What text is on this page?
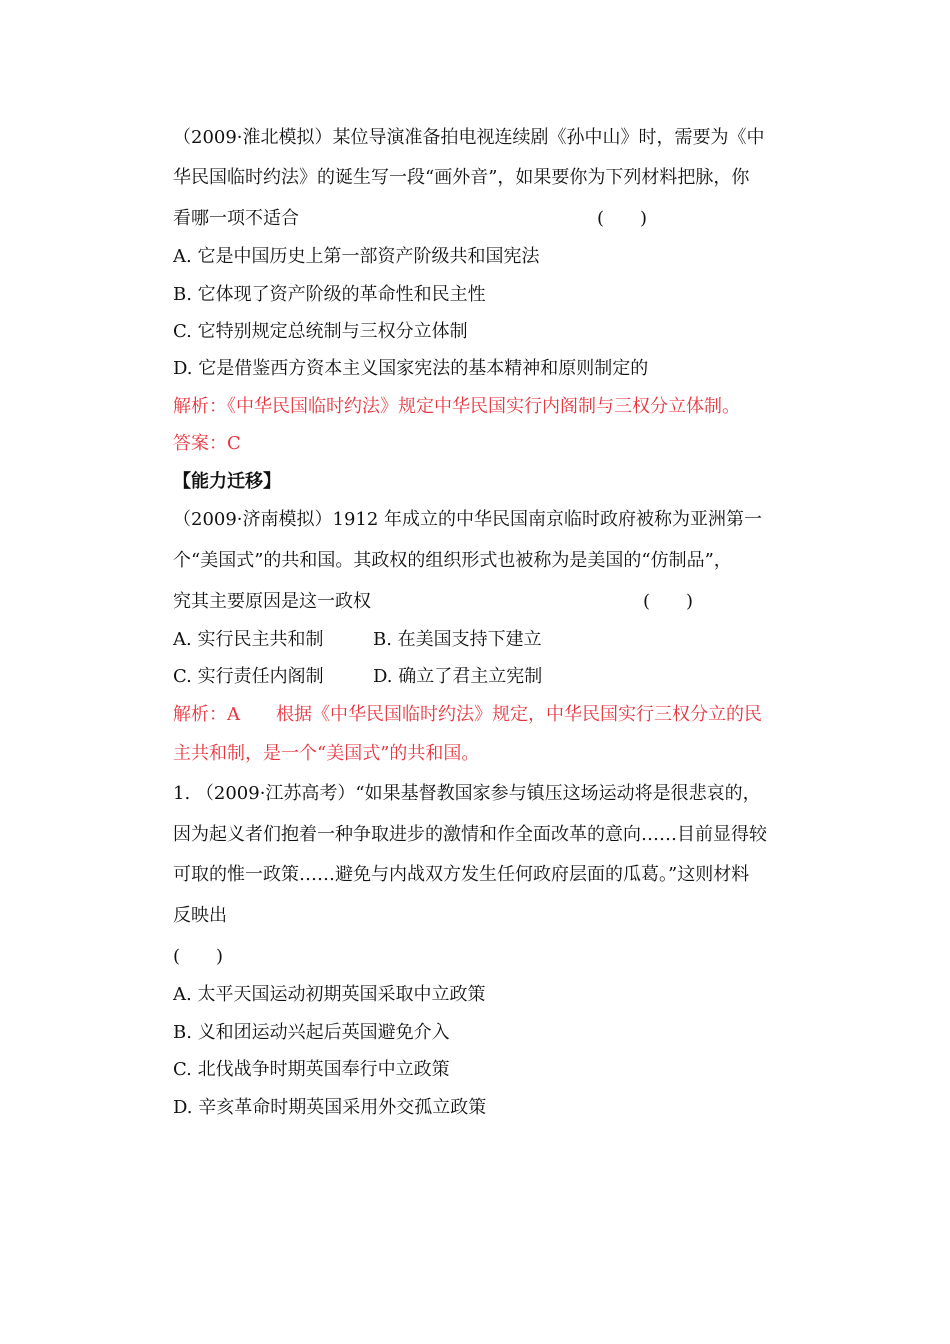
（2009·淮北模拟）某位导演准备拍电视连续剧《孙中山》时，需要为《中
华民国临时约法》的诞生写一段“画外音”，如果要你为下列材料把脉，你
看哪一项不适合	(　　)
A. 它是中国历史上第一部资产阶级共和国宪法
B. 它体现了资产阶级的革命性和民主性
C. 它特别规定总统制与三权分立体制
D. 它是借鉴西方资本主义国家宪法的基本精神和原则制定的
解析：《中华民国临时约法》规定中华民国实行内阁制与三权分立体制。
答案：C
【能力迁移】
（2009·济南模拟）1912 年成立的中华民国南京临时政府被称为亚洲第一
个“美国式”的共和国。其政权的组织形式也被称为是美国的“仿制品”，
究其主要原因是这一政权	(　　)
A. 实行民主共和制	B. 在美国支持下建立
C. 实行责任内阁制	D. 确立了君主立宪制
解析：A　　根据《中华民国临时约法》规定，中华民国实行三权分立的民
主共和制，是一个“美国式”的共和国。
1. （2009·江苏高考）“如果基督教国家参与镇压这场运动将是很悲哀的，
因为起义者们抱着一种争取进步的激情和作全面改革的意向……目前显得较
可取的惟一政策……避免与内战双方发生任何政府层面的瓜葛。”这则材料
反映出
(　　)
A. 太平天国运动初期英国采取中立政策
B. 义和团运动兴起后英国避免介入
C. 北伐战争时期英国奉行中立政策
D. 辛亥革命时期英国采用外交孤立政策
